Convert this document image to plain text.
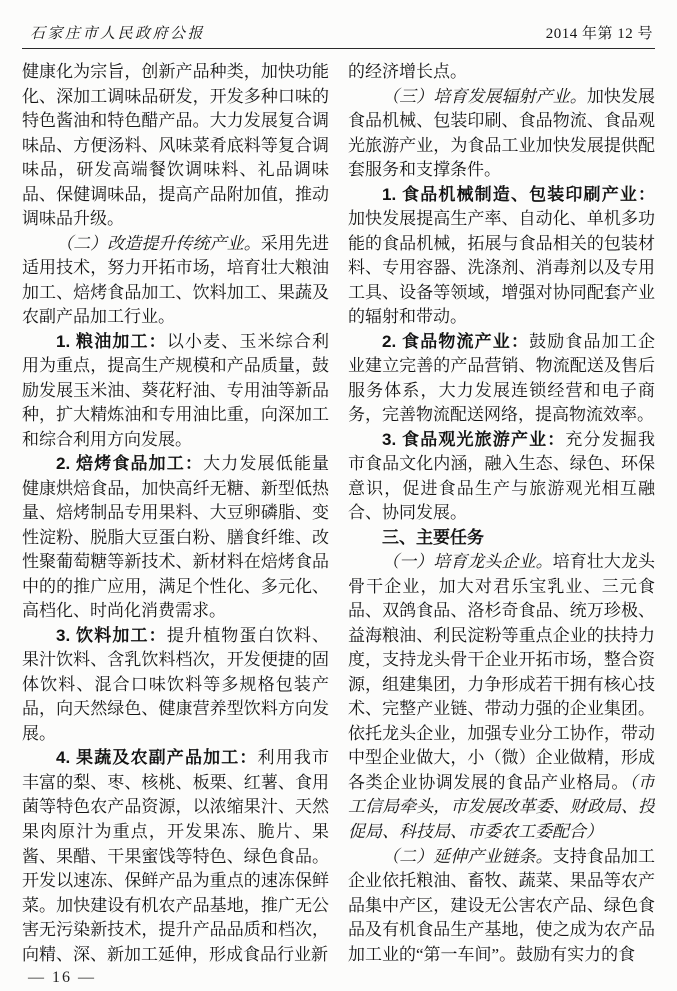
石家庄市人民政府公报	2014 年第 12 号

健康化为宗旨，创新产品种类，加快功能化、深加工调味品研发，开发多种口味的特色酱油和特色醋产品。大力发展复合调味品、方便汤料、风味菜肴底料等复合调味品，研发高端餐饮调味料、礼品调味品、保健调味品，提高产品附加值，推动调味品升级。

（二）改造提升传统产业。采用先进适用技术，努力开拓市场，培育壮大粮油加工、焙烤食品加工、饮料加工、果蔬及农副产品加工行业。

1. 粮油加工：以小麦、玉米综合利用为重点，提高生产规模和产品质量，鼓励发展玉米油、葵花籽油、专用油等新品种，扩大精炼油和专用油比重，向深加工和综合利用方向发展。

2. 焙烤食品加工：大力发展低能量健康烘焙食品，加快高纤无糖、新型低热量、焙烤制品专用果料、大豆卵磷脂、变性淀粉、脱脂大豆蛋白粉、膳食纤维、改性聚葡萄糖等新技术、新材料在焙烤食品中的的推广应用，满足个性化、多元化、高档化、时尚化消费需求。

3. 饮料加工：提升植物蛋白饮料、果汁饮料、含乳饮料档次，开发便捷的固体饮料、混合口味饮料等多规格包装产品，向天然绿色、健康营养型饮料方向发展。

4. 果蔬及农副产品加工：利用我市丰富的梨、枣、核桃、板栗、红薯、食用菌等特色农产品资源，以浓缩果汁、天然果肉原汁为重点，开发果冻、脆片、果酱、果醋、干果蜜饯等特色、绿色食品。开发以速冻、保鲜产品为重点的速冻保鲜菜。加快建设有机农产品基地，推广无公害无污染新技术，提升产品品质和档次，向精、深、新加工延伸，形成食品行业新

的经济增长点。

（三）培育发展辐射产业。加快发展食品机械、包装印刷、食品物流、食品观光旅游产业，为食品工业加快发展提供配套服务和支撑条件。

1. 食品机械制造、包装印刷产业：加快发展提高生产率、自动化、单机多功能的食品机械，拓展与食品相关的包装材料、专用容器、洗涤剂、消毒剂以及专用工具、设备等领域，增强对协同配套产业的辐射和带动。

2. 食品物流产业：鼓励食品加工企业建立完善的产品营销、物流配送及售后服务体系，大力发展连锁经营和电子商务，完善物流配送网络，提高物流效率。

3. 食品观光旅游产业：充分发掘我市食品文化内涵，融入生态、绿色、环保意识，促进食品生产与旅游观光相互融合、协同发展。

三、主要任务

（一）培育龙头企业。培育壮大龙头骨干企业，加大对君乐宝乳业、三元食品、双鸽食品、洛杉奇食品、统万珍极、益海粮油、利民淀粉等重点企业的扶持力度，支持龙头骨干企业开拓市场，整合资源，组建集团，力争形成若干拥有核心技术、完整产业链、带动力强的企业集团。依托龙头企业，加强专业分工协作，带动中型企业做大，小（微）企业做精，形成各类企业协调发展的食品产业格局。（市工信局牵头，市发展改革委、财政局、投促局、科技局、市委农工委配合）

（二）延伸产业链条。支持食品加工企业依托粮油、畜牧、蔬菜、果品等农产品集中产区，建设无公害农产品、绿色食品及有机食品生产基地，使之成为农产品加工业的“第一车间”。鼓励有实力的食

— 16 —
